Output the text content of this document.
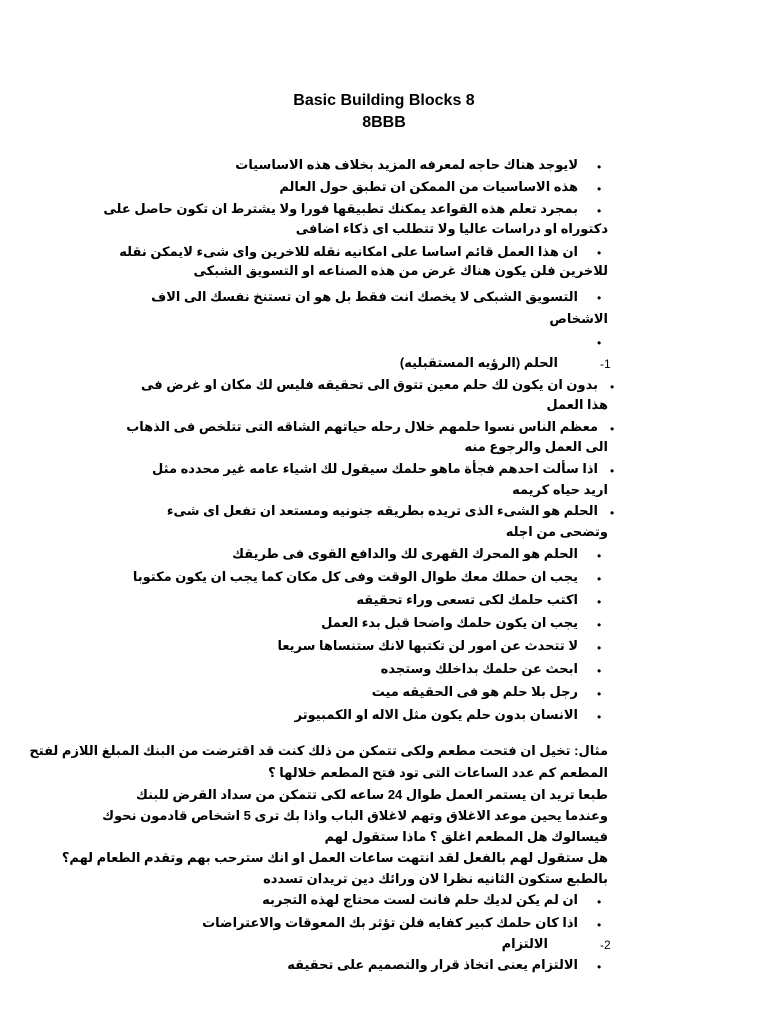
Basic Building Blocks 8
8BBB
•
لايوجد هناك حاجه لمعرفه المزيد بخلاف هذه الاساسيات
•
هذه الاساسيات من الممكن ان تطبق حول العالم
•
بمجرد تعلم هذه القواعد يمكنك تطبيقها فورا ولا يشترط ان تكون حاصل على
دكتوراه او دراسات عاليا ولا تتطلب اى ذكاء اضافى
•
ان هذا العمل قائم اساسا على امكانيه نقله للاخرين واى شىء لايمكن نقله
للاخرين فلن يكون هناك غرض من هذه الصناعه او التسويق الشبكى
•
التسويق الشبكى لا يخصك انت فقط بل هو ان تستنخ نفسك الى الاف
الاشخاص
•
-1
الحلم (الرؤيه المستقبليه)
•
بدون ان يكون لك حلم معين تتوق الى تحقيقه فليس لك مكان او غرض فى
هذا العمل
•
معظم الناس نسوا حلمهم خلال رحله حياتهم الشاقه التى تتلخص فى الذهاب
الى العمل والرجوع منه
•
اذا سألت احدهم فجأة ماهو حلمك سيقول لك اشياء عامه غير محدده مثل
اريد حياه كريمه
•
الحلم هو الشىء الذى تريده بطريقه جنونيه ومستعد ان تفعل اى شىء
وتضحى من اجله
•
الحلم هو المحرك القهرى لك والدافع القوى فى طريقك
•
يجب ان حملك معك طوال الوقت وفى كل مكان كما يجب ان يكون مكتوبا
•
اكتب حلمك لكى تسعى وراء تحقيقه
•
يجب ان يكون حلمك واضحا قبل بدء العمل
•
لا تتحدث عن امور لن تكتبها لانك ستنساها سريعا
•
ابحث عن حلمك بداخلك وستجده
•
رجل بلا حلم هو فى الحقيقه ميت
•
الانسان بدون حلم يكون مثل الاله او الكمبيوتر
مثال: تخيل ان فتحت مطعم ولكى تتمكن من ذلك كنت قد اقترضت من البنك المبلغ اللازم لفتح
المطعم كم عدد الساعات التى تود فتح المطعم خلالها ؟
طبعا تريد ان يستمر العمل طوال 24 ساعه لكى تتمكن من سداد القرض للبنك
وعندما يحين موعد الاغلاق وتهم لاغلاق الباب واذا بك ترى 5 اشخاص قادمون نحوك
فيسالوك هل المطعم اغلق ؟ ماذا ستقول لهم
هل ستقول لهم بالفعل لقد انتهت ساعات العمل او انك سترحب بهم وتقدم الطعام لهم؟
بالطبع ستكون الثانيه نظرا لان ورائك دين تريدان تسدده
•
ان لم يكن لديك حلم فانت لست محتاج لهذه التجربه
•
اذا كان حلمك كبير كفايه فلن تؤثر بك المعوقات والاعتراضات
-2
الالتزام
•
الالتزام يعنى اتخاذ قرار والتصميم على تحقيقه
